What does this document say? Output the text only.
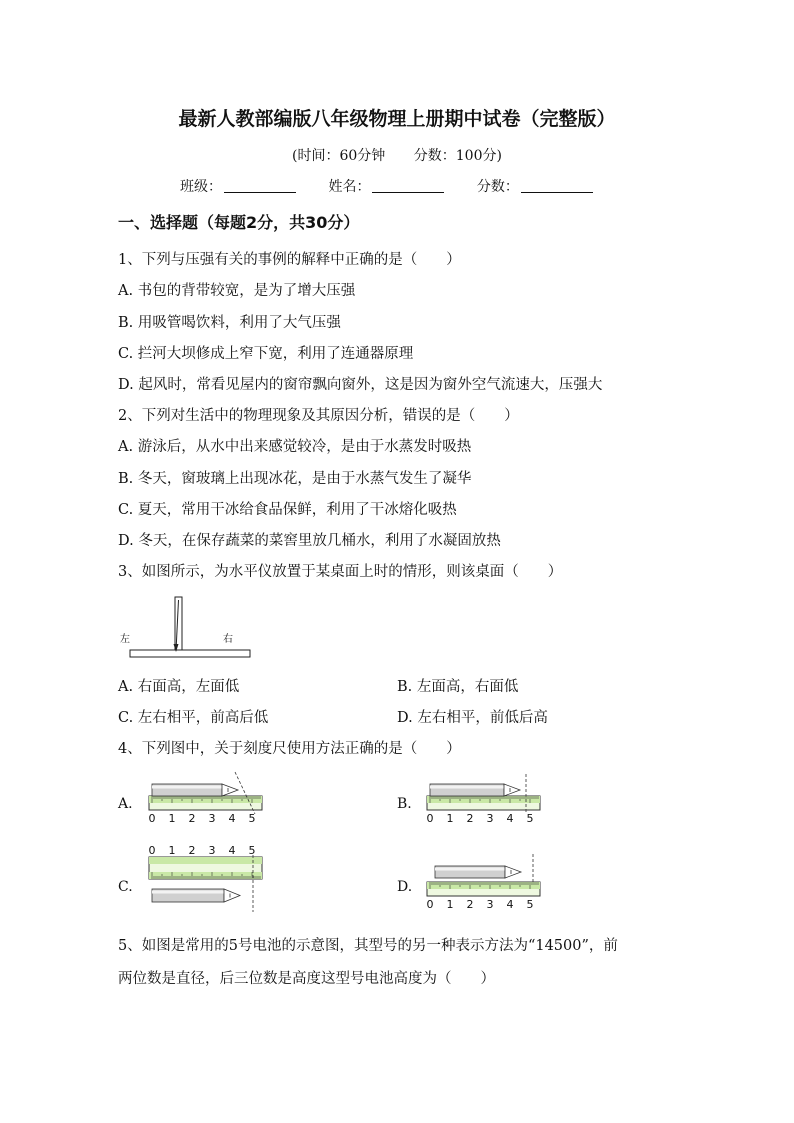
最新人教部编版八年级物理上册期中试卷（完整版）
(时间：60分钟 分数：100分)
班级：	姓名：	分数：
一、选择题（每题2分，共30分）
1、下列与压强有关的事例的解释中正确的是（　　）
A. 书包的背带较宽，是为了增大压强
B. 用吸管喝饮料，利用了大气压强
C. 拦河大坝修成上窄下宽，利用了连通器原理
D. 起风时，常看见屋内的窗帘飘向窗外，这是因为窗外空气流速大，压强大
2、下列对生活中的物理现象及其原因分析，错误的是（　　）
A. 游泳后，从水中出来感觉较冷，是由于水蒸发时吸热
B. 冬天，窗玻璃上出现冰花，是由于水蒸气发生了凝华
C. 夏天，常用干冰给食品保鲜，利用了干冰熔化吸热
D. 冬天，在保存蔬菜的菜窖里放几桶水，利用了水凝固放热
3、如图所示，为水平仪放置于某桌面上时的情形，则该桌面（　　）
左	右
A. 右面高，左面低	B. 左面高，右面低
C. 左右相平，前高后低	D. 左右相平，前低后高
4、下列图中，关于刻度尺使用方法正确的是（　　）
A.	B.
C.	D.
0 1 2 3 4 5	0 1 2 3 4 5
0 1 2 3 4 5
0 1 2 3 4 5
5、如图是常用的5号电池的示意图，其型号的另一种表示方法为“14500”，前
两位数是直径，后三位数是高度这型号电池高度为（　　）
